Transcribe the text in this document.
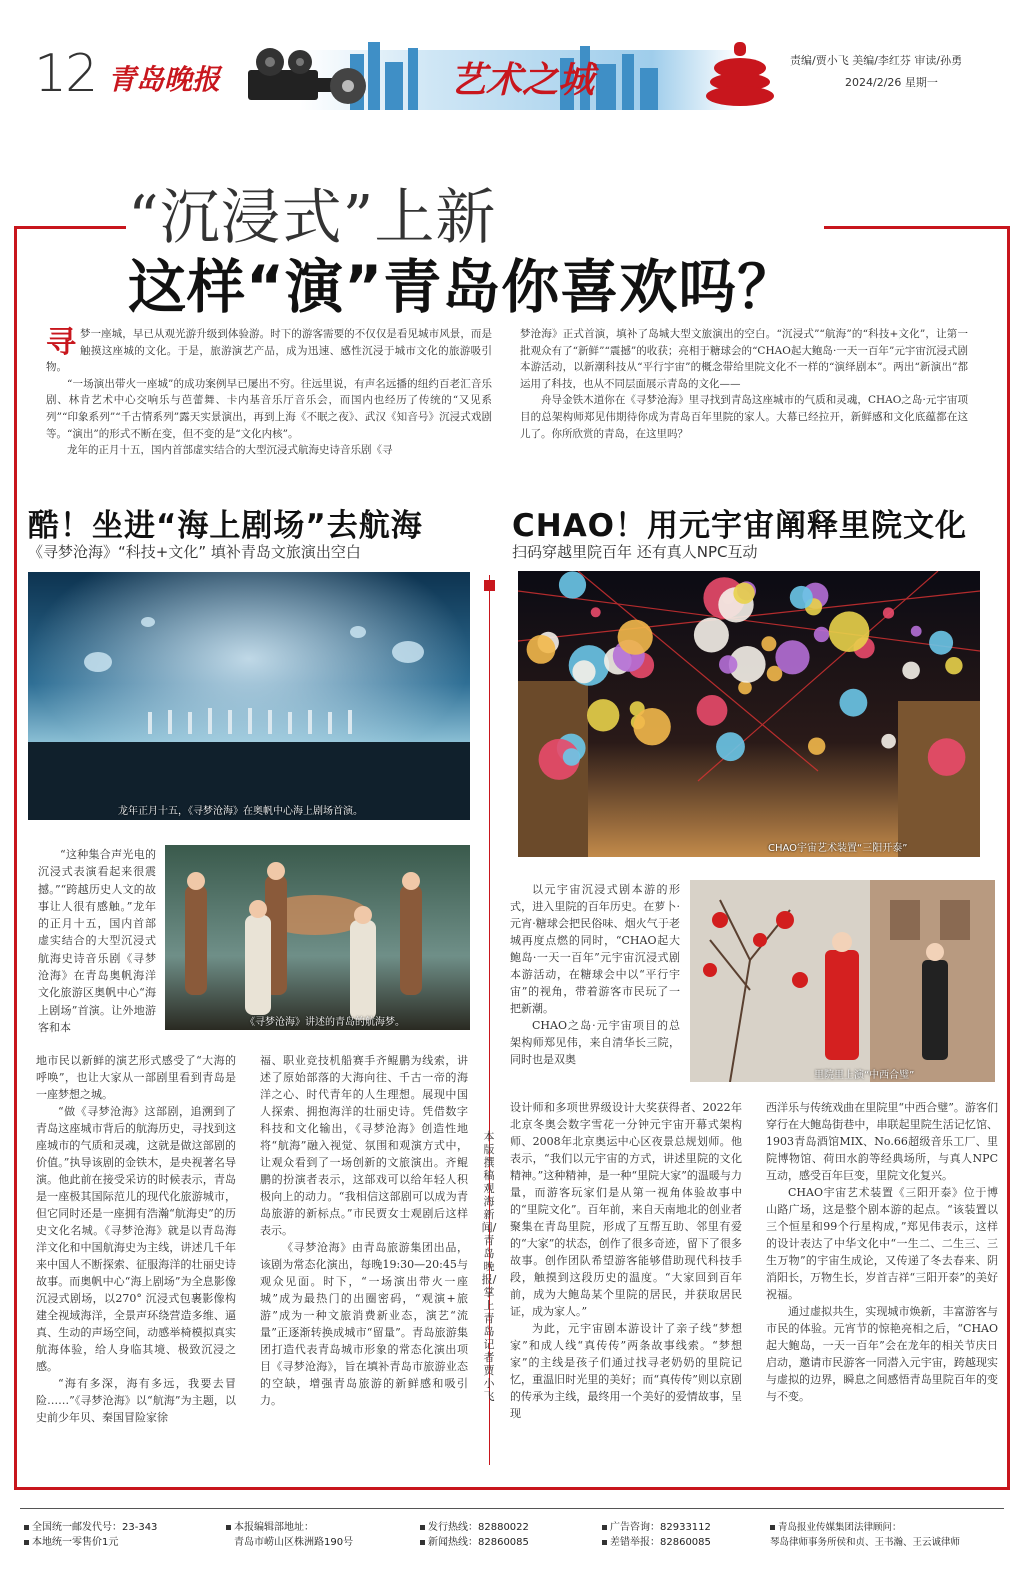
12 青岛晚报	艺术之城	责编/贾小飞 美编/李红芬 审读/孙勇
2024/2/26 星期一
“沉浸式”上新
这样“演”青岛你喜欢吗？

寻梦一座城，早已从观光游升级到体验游。时下的游客需要的不仅仅是看见城市风景，而是触摸这座城的文化。于是，旅游演艺产品，成为迅速、感性沉浸于城市文化的旅游吸引物。

“一场演出带火一座城”的成功案例早已屡出不穷。往远里说，有声名远播的纽约百老汇音乐剧、林肯艺术中心交响乐与芭蕾舞、卡内基音乐厅音乐会，而国内也经历了传统的“又见系列”“印象系列”“千古情系列”露天实景演出，再到上海《不眠之夜》、武汉《知音号》沉浸式戏剧等。“演出”的形式不断在变，但不变的是“文化内核”。

龙年的正月十五，国内首部虚实结合的大型沉浸式航海史诗音乐剧《寻

梦沧海》正式首演，填补了岛城大型文旅演出的空白。“沉浸式”“航海”的“科技+文化”，让第一批观众有了“新鲜”“震撼”的收获；亮相于糖球会的“CHAO起大鲍岛·一天一百年”元宇宙沉浸式剧本游活动，以新潮科技从“平行宇宙”的概念带给里院文化不一样的“演绎剧本”。两出“新演出”都运用了科技，也从不同层面展示青岛的文化——

舟导金铁木道你在《寻梦沧海》里寻找到青岛这座城市的气质和灵魂，CHAO之岛·元宇宙项目的总架构师郑见伟期待你成为青岛百年里院的家人。大幕已经拉开，新鲜感和文化底蕴都在这儿了。你所欣赏的青岛，在这里吗？

酷！坐进“海上剧场”去航海
《寻梦沧海》“科技+文化” 填补青岛文旅演出空白
龙年正月十五，《寻梦沧海》在奥帆中心海上剧场首演。
《寻梦沧海》讲述的青岛的航海梦。

“这种集合声光电的沉浸式表演看起来很震撼。”“跨越历史人文的故事让人很有感触。”龙年的正月十五，国内首部虚实结合的大型沉浸式航海史诗音乐剧《寻梦沧海》在青岛奥帆海洋文化旅游区奥帆中心“海上剧场”首演。让外地游客和本

地市民以新鲜的演艺形式感受了“大海的呼唤”，也让大家从一部剧里看到青岛是一座梦想之城。

“做《寻梦沧海》这部剧，追溯到了青岛这座城市背后的航海历史，寻找到这座城市的气质和灵魂，这就是做这部剧的价值。”执导该剧的金铁木，是央视著名导演。他此前在接受采访的时候表示，青岛是一座极其国际范儿的现代化旅游城市，但它同时还是一座拥有浩瀚“航海史”的历史文化名城。《寻梦沧海》就是以青岛海洋文化和中国航海史为主线，讲述几千年来中国人不断探索、征服海洋的壮丽史诗故事。而奥帆中心“海上剧场”为全息影像沉浸式剧场，以270° 沉浸式包裹影像构建全视域海洋，全景声环绕营造多维、逼真、生动的声场空间，动感举椅模拟真实航海体验，给人身临其境、极致沉浸之感。

“海有多深，海有多远，我要去冒险……”《寻梦沧海》以“航海”为主题，以史前少年贝、秦国冒险家徐

福、职业竞技机船赛手齐鲲鹏为线索，讲述了原始部落的大海向往、千古一帝的海洋之心、时代青年的人生理想。展现中国人探索、拥抱海洋的壮丽史诗。凭借数字科技和文化输出，《寻梦沧海》创造性地将“航海”融入视觉、氛围和观演方式中，让观众看到了一场创新的文旅演出。齐鲲鹏的扮演者表示，这部戏可以给年轻人积极向上的动力。“我相信这部剧可以成为青岛旅游的新标点。”市民贾女士观剧后这样表示。

《寻梦沧海》由青岛旅游集团出品，该剧为常态化演出，每晚19:30—20:45与观众见面。时下，“一场演出带火一座城”成为最热门的出圈密码，“观演+旅游”成为一种文旅消费新业态，演艺“流量”正逐渐转换成城市“留量”。青岛旅游集团打造代表青岛城市形象的常态化演出项目《寻梦沧海》，旨在填补青岛市旅游业态的空缺，增强青岛旅游的新鲜感和吸引力。

本版撰稿 观海新闻/青岛晚报/掌上青岛 记者 贾小飞
CHAO！用元宇宙阐释里院文化
扫码穿越里院百年 还有真人NPC互动
CHAO宇宙艺术装置“三阳开泰”
里院里上演“中西合璧”

以元宇宙沉浸式剧本游的形式，进入里院的百年历史。在萝卜·元宵·糖球会把民俗味、烟火气于老城再度点燃的同时，“CHAO起大鲍岛·一天一百年”元宇宙沉浸式剧本游活动，在糖球会中以“平行宇宙”的视角，带着游客市民玩了一把新潮。

CHAO之岛·元宇宙项目的总架构师郑见伟，来自清华长三院，同时也是双奥

设计师和多项世界级设计大奖获得者、2022年北京冬奥会数字雪花一分钟元宇宙开幕式架构师、2008年北京奥运中心区夜景总规划师。他表示，“我们以元宇宙的方式，讲述里院的文化精神。”这种精神，是一种“里院大家”的温暖与力量，而游客玩家们是从第一视角体验故事中的“里院文化”。百年前，来自天南地北的创业者聚集在青岛里院，形成了互帮互助、邻里有爱的“大家”的状态，创作了很多奇迹，留下了很多故事。创作团队希望游客能够借助现代科技手段，触摸到这段历史的温度。“大家回到百年前，成为大鲍岛某个里院的居民，并获取居民证，成为家人。”

为此，元宇宙剧本游设计了亲子线“梦想家”和成人线“真传传”两条故事线索。“梦想家”的主线是孩子们通过找寻老奶奶的里院记忆，重温旧时光里的美好；而“真传传”则以京剧的传承为主线，最终用一个美好的爱情故事，呈现

西洋乐与传统戏曲在里院里“中西合璧”。游客们穿行在大鲍岛街巷中，串联起里院生活记忆馆、1903青岛酒馆MIX、No.66超级音乐工厂、里院博物馆、荷田水韵等经典场所，与真人NPC互动，感受百年巨变，里院文化复兴。

CHAO宇宙艺术装置《三阳开泰》位于博山路广场，这是整个剧本游的起点。“该装置以三个恒星和99个行星构成，”郑见伟表示，这样的设计表达了中华文化中“一生二、二生三、三生万物”的宇宙生成论，又传递了冬去春来、阴消阳长，万物生长，岁首吉祥“三阳开泰”的美好祝福。

通过虚拟共生，实现城市焕新，丰富游客与市民的体验。元宵节的惊艳亮相之后，“CHAO起大鲍岛，一天一百年”会在龙年的相关节庆日启动，邀请市民游客一同潜入元宇宙，跨越现实与虚拟的边界，瞬息之间感悟青岛里院百年的变与不变。

全国统一邮发代号：23-343
本地统一零售价1元
本报编辑部地址：
青岛市崂山区株洲路190号
发行热线：82880022
新闻热线：82860085
广告咨询：82933112
差错举报：82860085
青岛报业传媒集团法律顾问：
琴岛律师事务所侯和贞、王书瀚、王云诚律师
